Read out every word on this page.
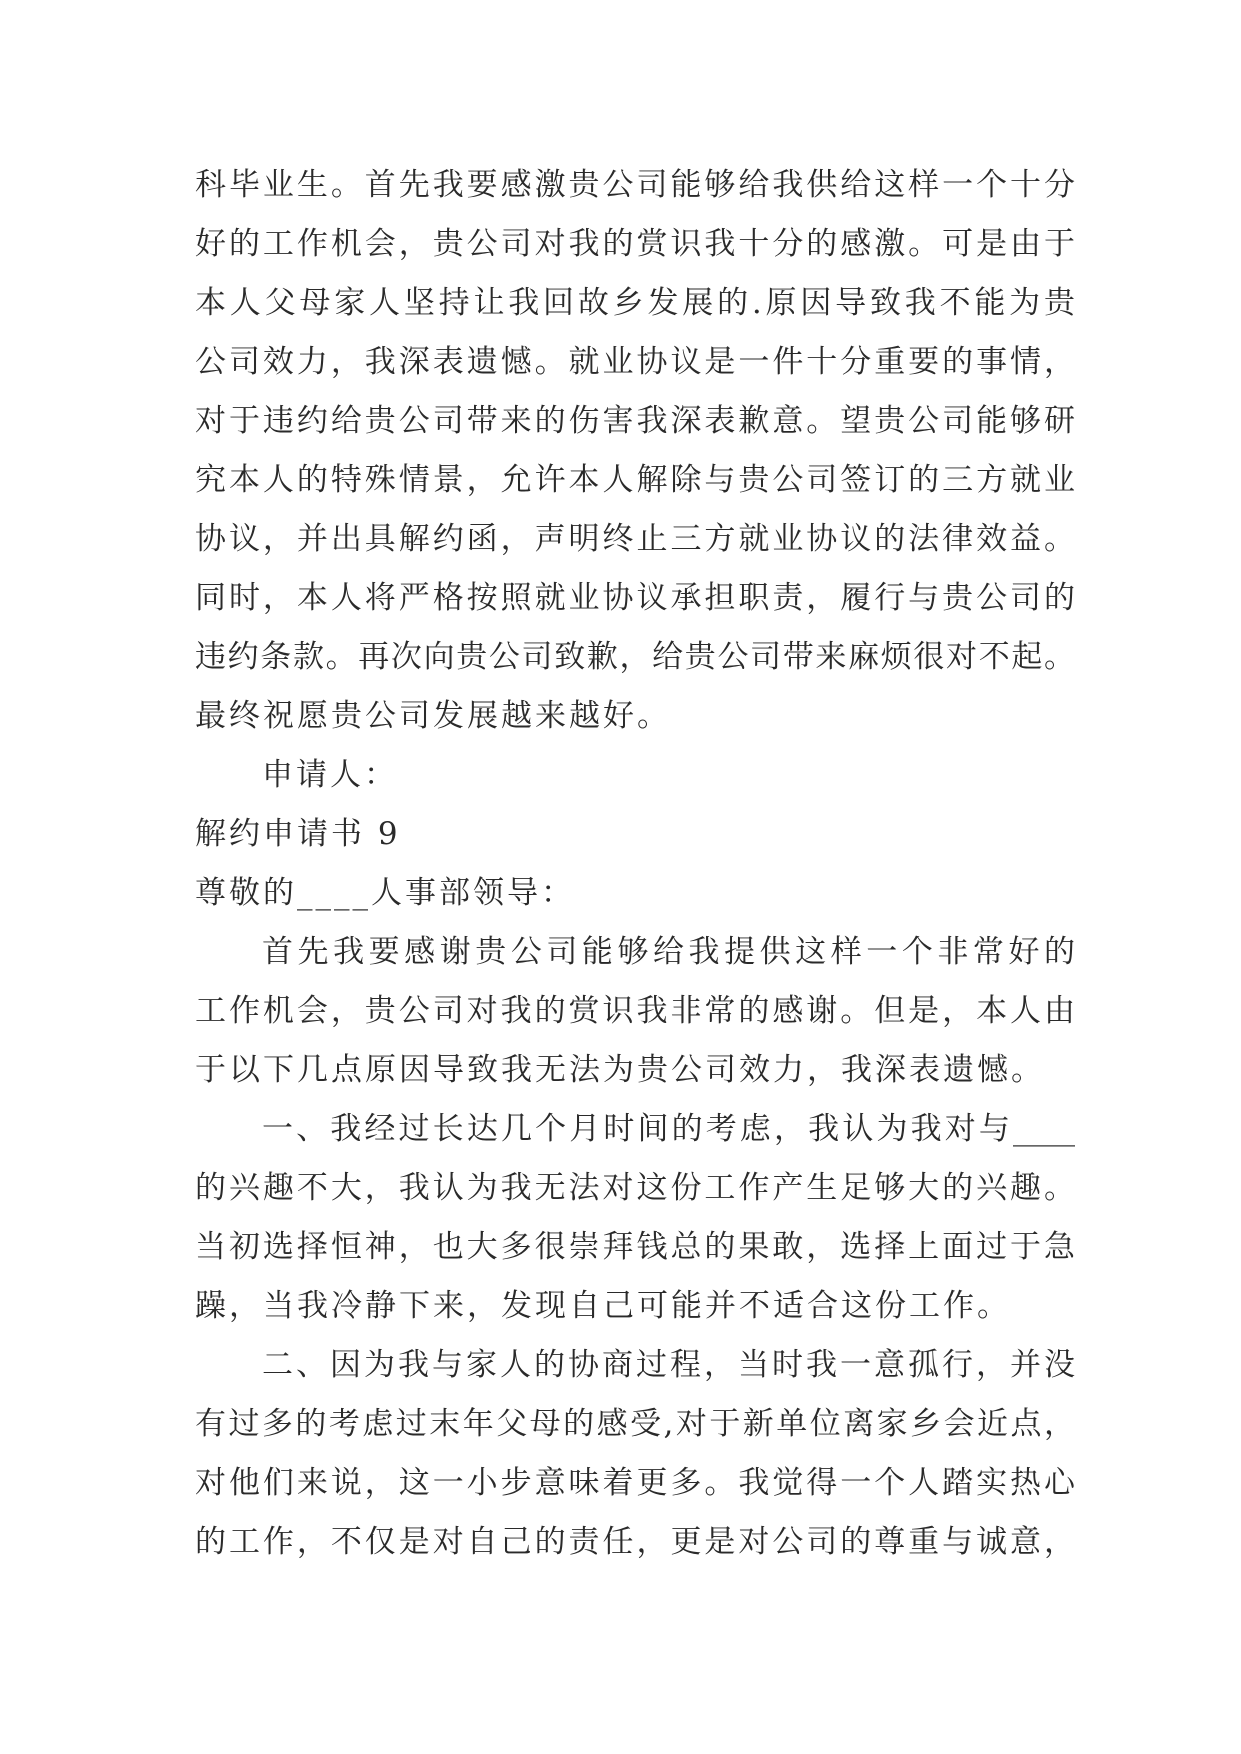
科毕业生。首先我要感激贵公司能够给我供给这样一个十分
好的工作机会，贵公司对我的赏识我十分的感激。可是由于
本人父母家人坚持让我回故乡发展的.原因导致我不能为贵
公司效力，我深表遗憾。就业协议是一件十分重要的事情，
对于违约给贵公司带来的伤害我深表歉意。望贵公司能够研
究本人的特殊情景，允许本人解除与贵公司签订的三方就业
协议，并出具解约函，声明终止三方就业协议的法律效益。
同时，本人将严格按照就业协议承担职责，履行与贵公司的
违约条款。再次向贵公司致歉，给贵公司带来麻烦很对不起。
最终祝愿贵公司发展越来越好。
申请人：
解约申请书 9
尊敬的____人事部领导：
首先我要感谢贵公司能够给我提供这样一个非常好的
工作机会，贵公司对我的赏识我非常的感谢。但是，本人由
于以下几点原因导致我无法为贵公司效力，我深表遗憾。
一、我经过长达几个月时间的考虑，我认为我对与____
的兴趣不大，我认为我无法对这份工作产生足够大的兴趣。
当初选择恒神，也大多很崇拜钱总的果敢，选择上面过于急
躁，当我冷静下来，发现自己可能并不适合这份工作。
二、因为我与家人的协商过程，当时我一意孤行，并没
有过多的考虑过末年父母的感受,对于新单位离家乡会近点，
对他们来说，这一小步意味着更多。我觉得一个人踏实热心
的工作，不仅是对自己的责任，更是对公司的尊重与诚意，
